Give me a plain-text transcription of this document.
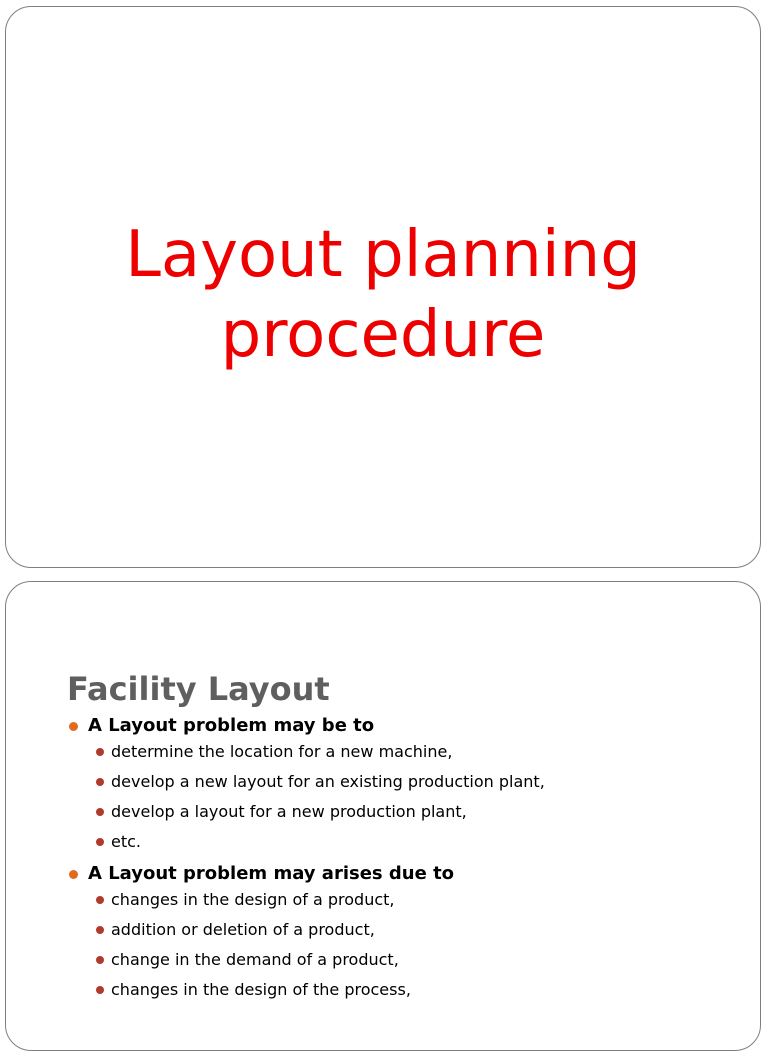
Layout planning
procedure
Facility Layout
A Layout problem may be to
determine the location for a new machine,
develop a new layout for an existing production plant,
develop a layout for a new production plant,
etc.
A Layout problem may arises due to
changes in the design of a product,
addition or deletion of a product,
change in the demand of a product,
changes in the design of the process,
